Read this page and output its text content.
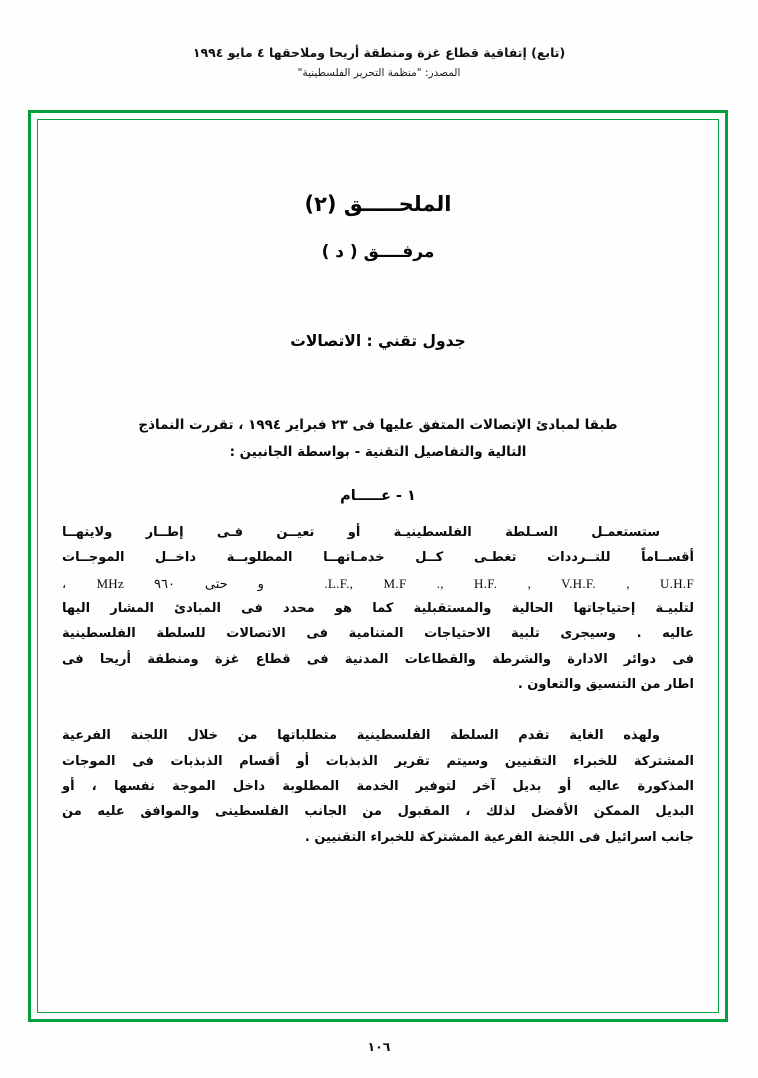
(تابع) إتفاقية قطاع غزة ومنطقة أريحا وملاحقها ٤ مايو ١٩٩٤
المصدر: "منظمة التحرير الفلسطينية"
الملحـــــق (٢)
مرفــــق ( د )
جدول تقني : الاتصالات
طبقا لمبادئ الإتصالات المتفق عليها فى ٢٣ فبراير ١٩٩٤ ، تقررت النماذج
التالية والتفاصيل التقنية - بواسطة الجانبين :
١ - عـــــام
ستستعمـل السـلطة الفلسطينيـة أو تعيــن فـى إطــار ولايتهــا
أقســاماً للتــرددات تغطـى كــل خدمـاتهــا المطلوبــة داخــل الموجــات
L.F., M.F ., H.F. , V.H.F. , U.H.F. ‏ و حتى ٩٦٠ MHz ،
لتلبيـة إحتياجاتها الحالية والمستقبلية كما هو محدد فى المبادئ المشار اليها
عاليه . وسيجرى تلبية الاحتياجات المتنامية فى الاتصالات للسلطة الفلسطينية
فى دوائر الادارة والشرطة والقطاعات المدنية فى قطاع غزة ومنطقة أريحا فى
اطار من التنسيق والتعاون .
ولهذه الغاية تقدم السلطة الفلسطينية متطلباتها من خلال اللجنة الفرعية
المشتركة للخبراء التقنيين وسيتم تقرير الذبذبات أو أقسام الذبذبات فى الموجات
المذكورة عاليه أو بديل آخر لتوفير الخدمة المطلوبة داخل الموجة نفسها ، أو
البديل الممكن الأفضل لذلك ، المقبول من الجانب الفلسطينى والموافق عليه من
جانب اسرائيل فى اللجنة الفرعية المشتركة للخبراء التقنيين .
١٠٦
